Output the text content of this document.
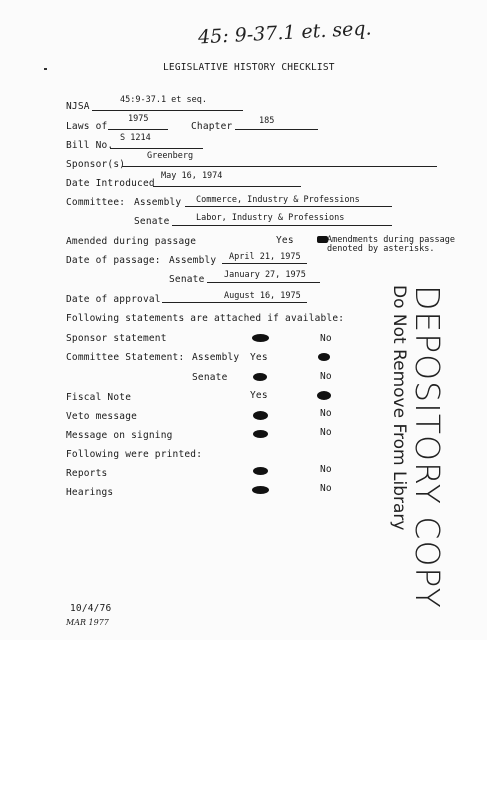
45: 9-37.1 et. seq.
LEGISLATIVE HISTORY CHECKLIST
NJSA
45:9-37.1 et seq.
Laws of
1975
Chapter	185
Bill No.
S 1214
Sponsor(s)
Greenberg
Date Introduced
May 16, 1974
Committee: Assembly Commerce, Industry & Professions
Senate	Labor, Industry & Professions
Amended during passage	Yes	Amendments during passage
denoted by asterisks.
Date of passage: Assembly April 21, 1975
Senate January 27, 1975
Date of approval	August 16, 1975
Following statements are attached if available:
Sponsor statement	No
Committee Statement: Assembly Yes
Senate	No
Fiscal Note	Yes
Veto message	No
Message on signing	No
Following were printed:
Reports	No
Hearings	No DEPOSITORY COPY
Do Not Remove From Library
10/4/76
MAR 1977
